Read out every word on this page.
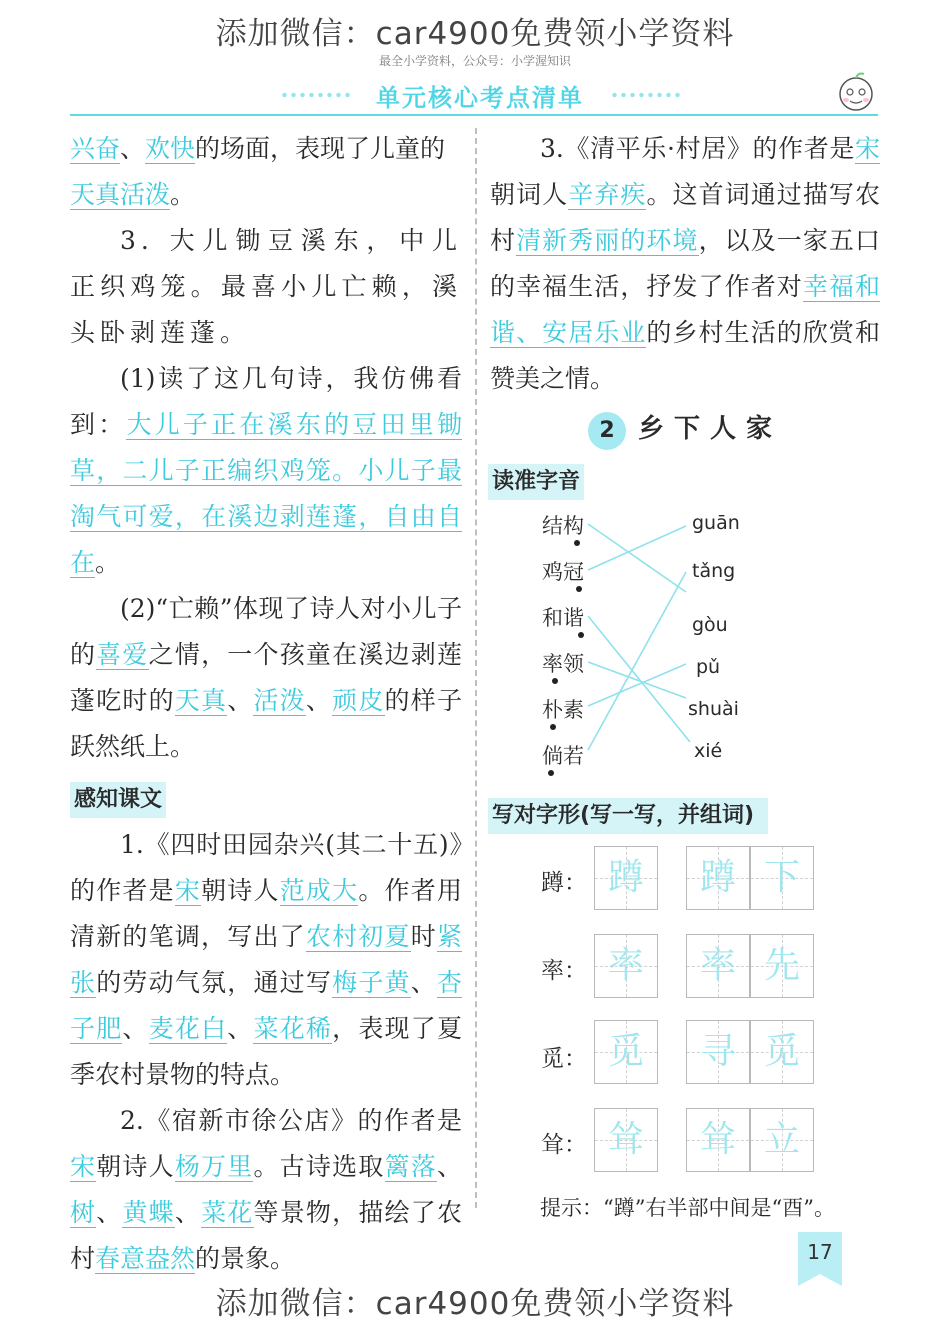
添加微信：car4900免费领小学资料
最全小学资料，公众号：小学渥知识
单元核心考点清单

兴奋、欢快的场面，表现了儿童的
天真活泼。

3. 大儿锄豆溪东，中儿正织鸡笼。最喜小儿亡赖，溪头卧剥莲蓬。

(1)读了这几句诗，我仿佛看到：大儿子正在溪东的豆田里锄草，二儿子正编织鸡笼。小儿子最淘气可爱，在溪边剥莲蓬，自由自在。

(2)“亡赖”体现了诗人对小儿子的喜爱之情，一个孩童在溪边剥莲蓬吃时的天真、活泼、顽皮的样子跃然纸上。

感知课文

1.《四时田园杂兴(其二十五)》的作者是宋朝诗人范成大。作者用清新的笔调，写出了农村初夏时紧张的劳动气氛，通过写梅子黄、杏子肥、麦花白、菜花稀，表现了夏季农村景物的特点。

2.《宿新市徐公店》的作者是宋朝诗人杨万里。古诗选取篱落、树、黄蝶、菜花等景物，描绘了农村春意盎然的景象。

3.《清平乐·村居》的作者是宋朝词人辛弃疾。这首词通过描写农村清新秀丽的环境，以及一家五口的幸福生活，抒发了作者对幸福和谐、安居乐业的乡村生活的欣赏和赞美之情。

2 乡下人家
读准字音
结构
鸡冠
和谐
率领
朴素
倘若
guān
tǎng
gòu
pǔ
shuài
xié
写对字形(写一写，并组词)
蹲： 蹲	蹲 下
率： 率	率 先
觅： 觅	寻 觅
耸： 耸	耸 立
提示：“蹲”右半部中间是“酉”。
17
添加微信：car4900免费领小学资料
